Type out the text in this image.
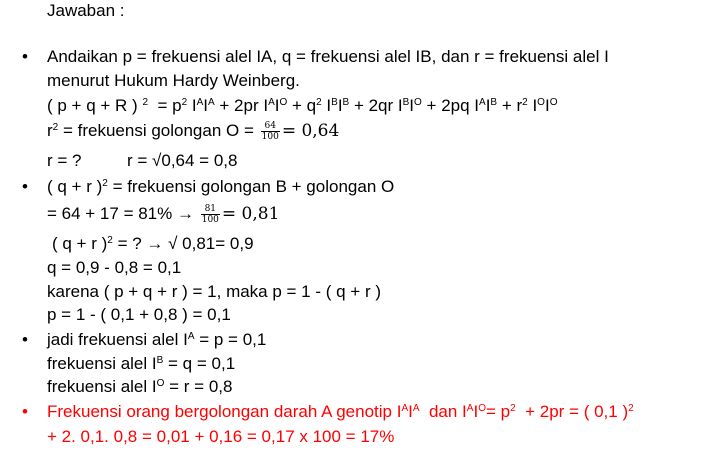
Jawaban :
• Andaikan p = frekuensi alel IA, q = frekuensi alel IB, dan r = frekuensi alel I
menurut Hukum Hardy Weinberg.
( p + q + R ) $^2 = p^2$ $I^AI^A + 2pr$ $I^AI^O + q^2$ $I^BI^B + 2qr$ $I^BI^O + 2pq$ $I^AI^B + r^2$ $I^OI^O$
$r^2$ = frekuensi golongan $O = \frac{64}{100} = 0,64$
r = ?	r = √0,64 = 0,8
• ( q + r )$^2$ = frekuensi golongan B + golongan O
= $64 + 17 = 81\% \to \frac{81}{100} = 0,81$
( q + r )$^2$ = ? → √ 0,81= 0,9
q = 0,9 - 0,8 = 0,1
karena ( p + q + r ) = 1, maka p = 1 - ( q + r )
p = 1 - ( 0,1 + 0,8 ) = 0,1
• jadi frekuensi alel $I^A = p = 0,1$
frekuensi alel $I^B = q = 0,1$
frekuensi alel $I^O = r = 0,8$
• Frekuensi orang bergolongan darah A genotip $I^AI^A$  dan $I^AI^O= p^2 + 2pr$ = ( 0,1 )$^2$
+ 2. 0,1. 0,8 = 0,01 + 0,16 = 0,17 x 100 = 17%
